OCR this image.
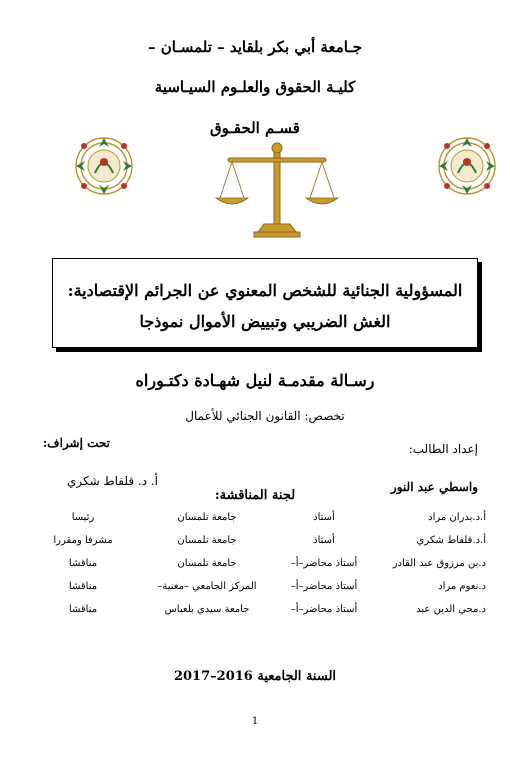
جـامعة أبي بكر بلقايد – تلمسـان –
كليـة الحقوق والعلـوم السيـاسية
قسـم الحقـوق
المسؤولية الجنائية للشخص المعنوي عن الجرائم الإقتصادية:
الغش الضريبي وتبييض الأموال نموذجا
رسـالة مقدمـة لنيل شهـادة دكتـوراه
تخصص: القانون الجنائي للأعمال
تحت إشراف:	إعداد الطالب:
أ. د. قلفاط شكري	واسطي عبد النور
لجنة المناقشة:
أ.د.بدران مراد
أستاذ
جامعة تلمسان
رئيسا
أ.د.قلفاط شكري
أستاذ
جامعة تلمسان
مشرفا ومقررا
د.بن مرزوق عبد القادر
أستاذ محاضر–أ–
جامعة تلمسان
مناقشا
د.نعوم مراد
أستاذ محاضر–أ–
المركز الجامعي –مغنية–
مناقشا
د.محي الدين عبد
أستاذ محاضر–أ–
جامعة سيدي بلعباس
مناقشا
السنة الجامعية 2016–2017
1
